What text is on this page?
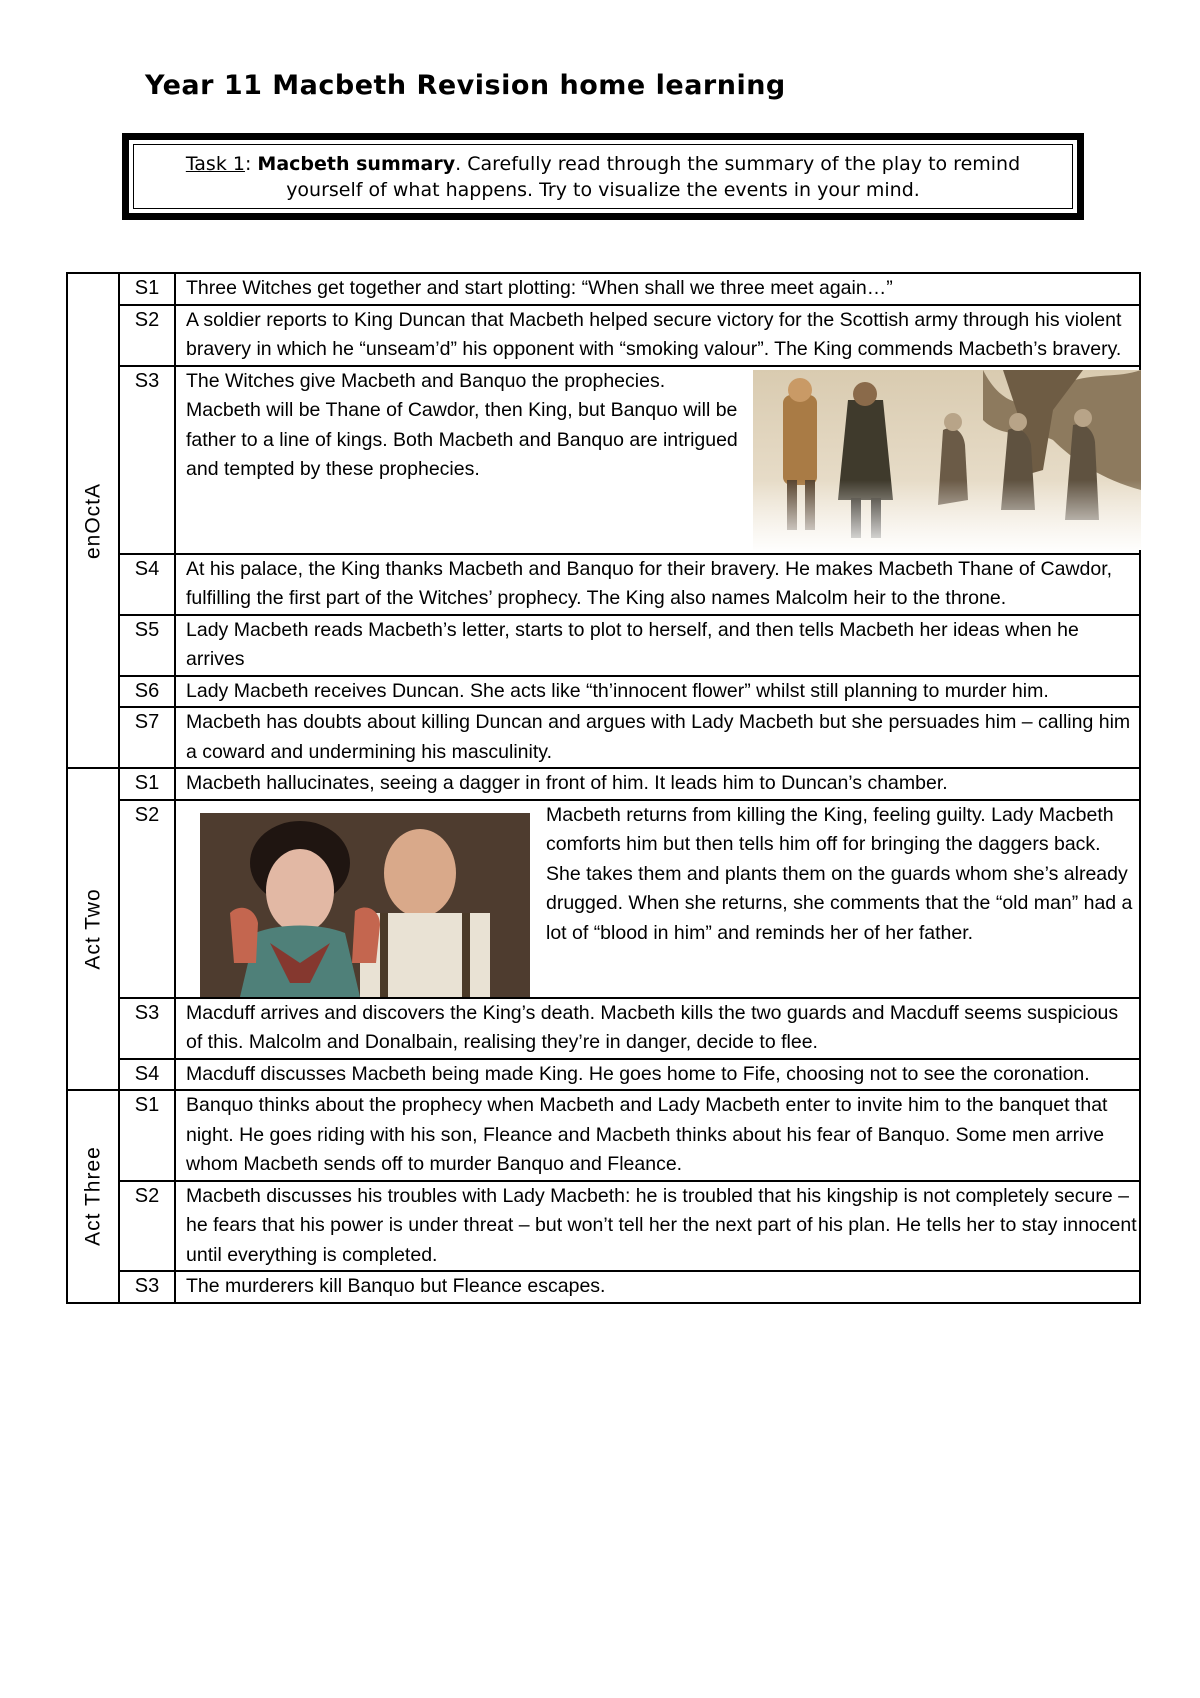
Year 11 Macbeth Revision home learning
Task 1: Macbeth summary. Carefully read through the summary of the play to remind yourself of what happens. Try to visualize the events in your mind.
enOctA	S1	Three Witches get together and start plotting: “When shall we three meet again…”
	S2	A soldier reports to King Duncan that Macbeth helped secure victory for the Scottish army through his violent bravery in which he “unseam’d” his opponent with “smoking valour”. The King commends Macbeth’s bravery.
	S3	The Witches give Macbeth and Banquo the prophecies. Macbeth will be Thane of Cawdor, then King, but Banquo will be father to a line of kings. Both Macbeth and Banquo are intrigued and tempted by these prophecies.
	S4	At his palace, the King thanks Macbeth and Banquo for their bravery. He makes Macbeth Thane of Cawdor, fulfilling the first part of the Witches’ prophecy. The King also names Malcolm heir to the throne.
	S5	Lady Macbeth reads Macbeth’s letter, starts to plot to herself, and then tells Macbeth her ideas when he arrives
	S6	Lady Macbeth receives Duncan. She acts like “th’innocent flower” whilst still planning to murder him.
	S7	Macbeth has doubts about killing Duncan and argues with Lady Macbeth but she persuades him – calling him a coward and undermining his masculinity.

Act Two	S1	Macbeth hallucinates, seeing a dagger in front of him. It leads him to Duncan’s chamber.
	S2	Macbeth returns from killing the King, feeling guilty. Lady Macbeth comforts him but then tells him off for bringing the daggers back. She takes them and plants them on the guards whom she’s already drugged. When she returns, she comments that the “old man” had a lot of “blood in him” and reminds her of her father.
	S3	Macduff arrives and discovers the King’s death. Macbeth kills the two guards and Macduff seems suspicious of this. Malcolm and Donalbain, realising they’re in danger, decide to flee.
	S4	Macduff discusses Macbeth being made King. He goes home to Fife, choosing not to see the coronation.

Act Three	S1	Banquo thinks about the prophecy when Macbeth and Lady Macbeth enter to invite him to the banquet that night. He goes riding with his son, Fleance and Macbeth thinks about his fear of Banquo. Some men arrive whom Macbeth sends off to murder Banquo and Fleance.
	S2	Macbeth discusses his troubles with Lady Macbeth: he is troubled that his kingship is not completely secure – he fears that his power is under threat – but won’t tell her the next part of his plan. He tells her to stay innocent until everything is completed.
	S3	The murderers kill Banquo but Fleance escapes.
